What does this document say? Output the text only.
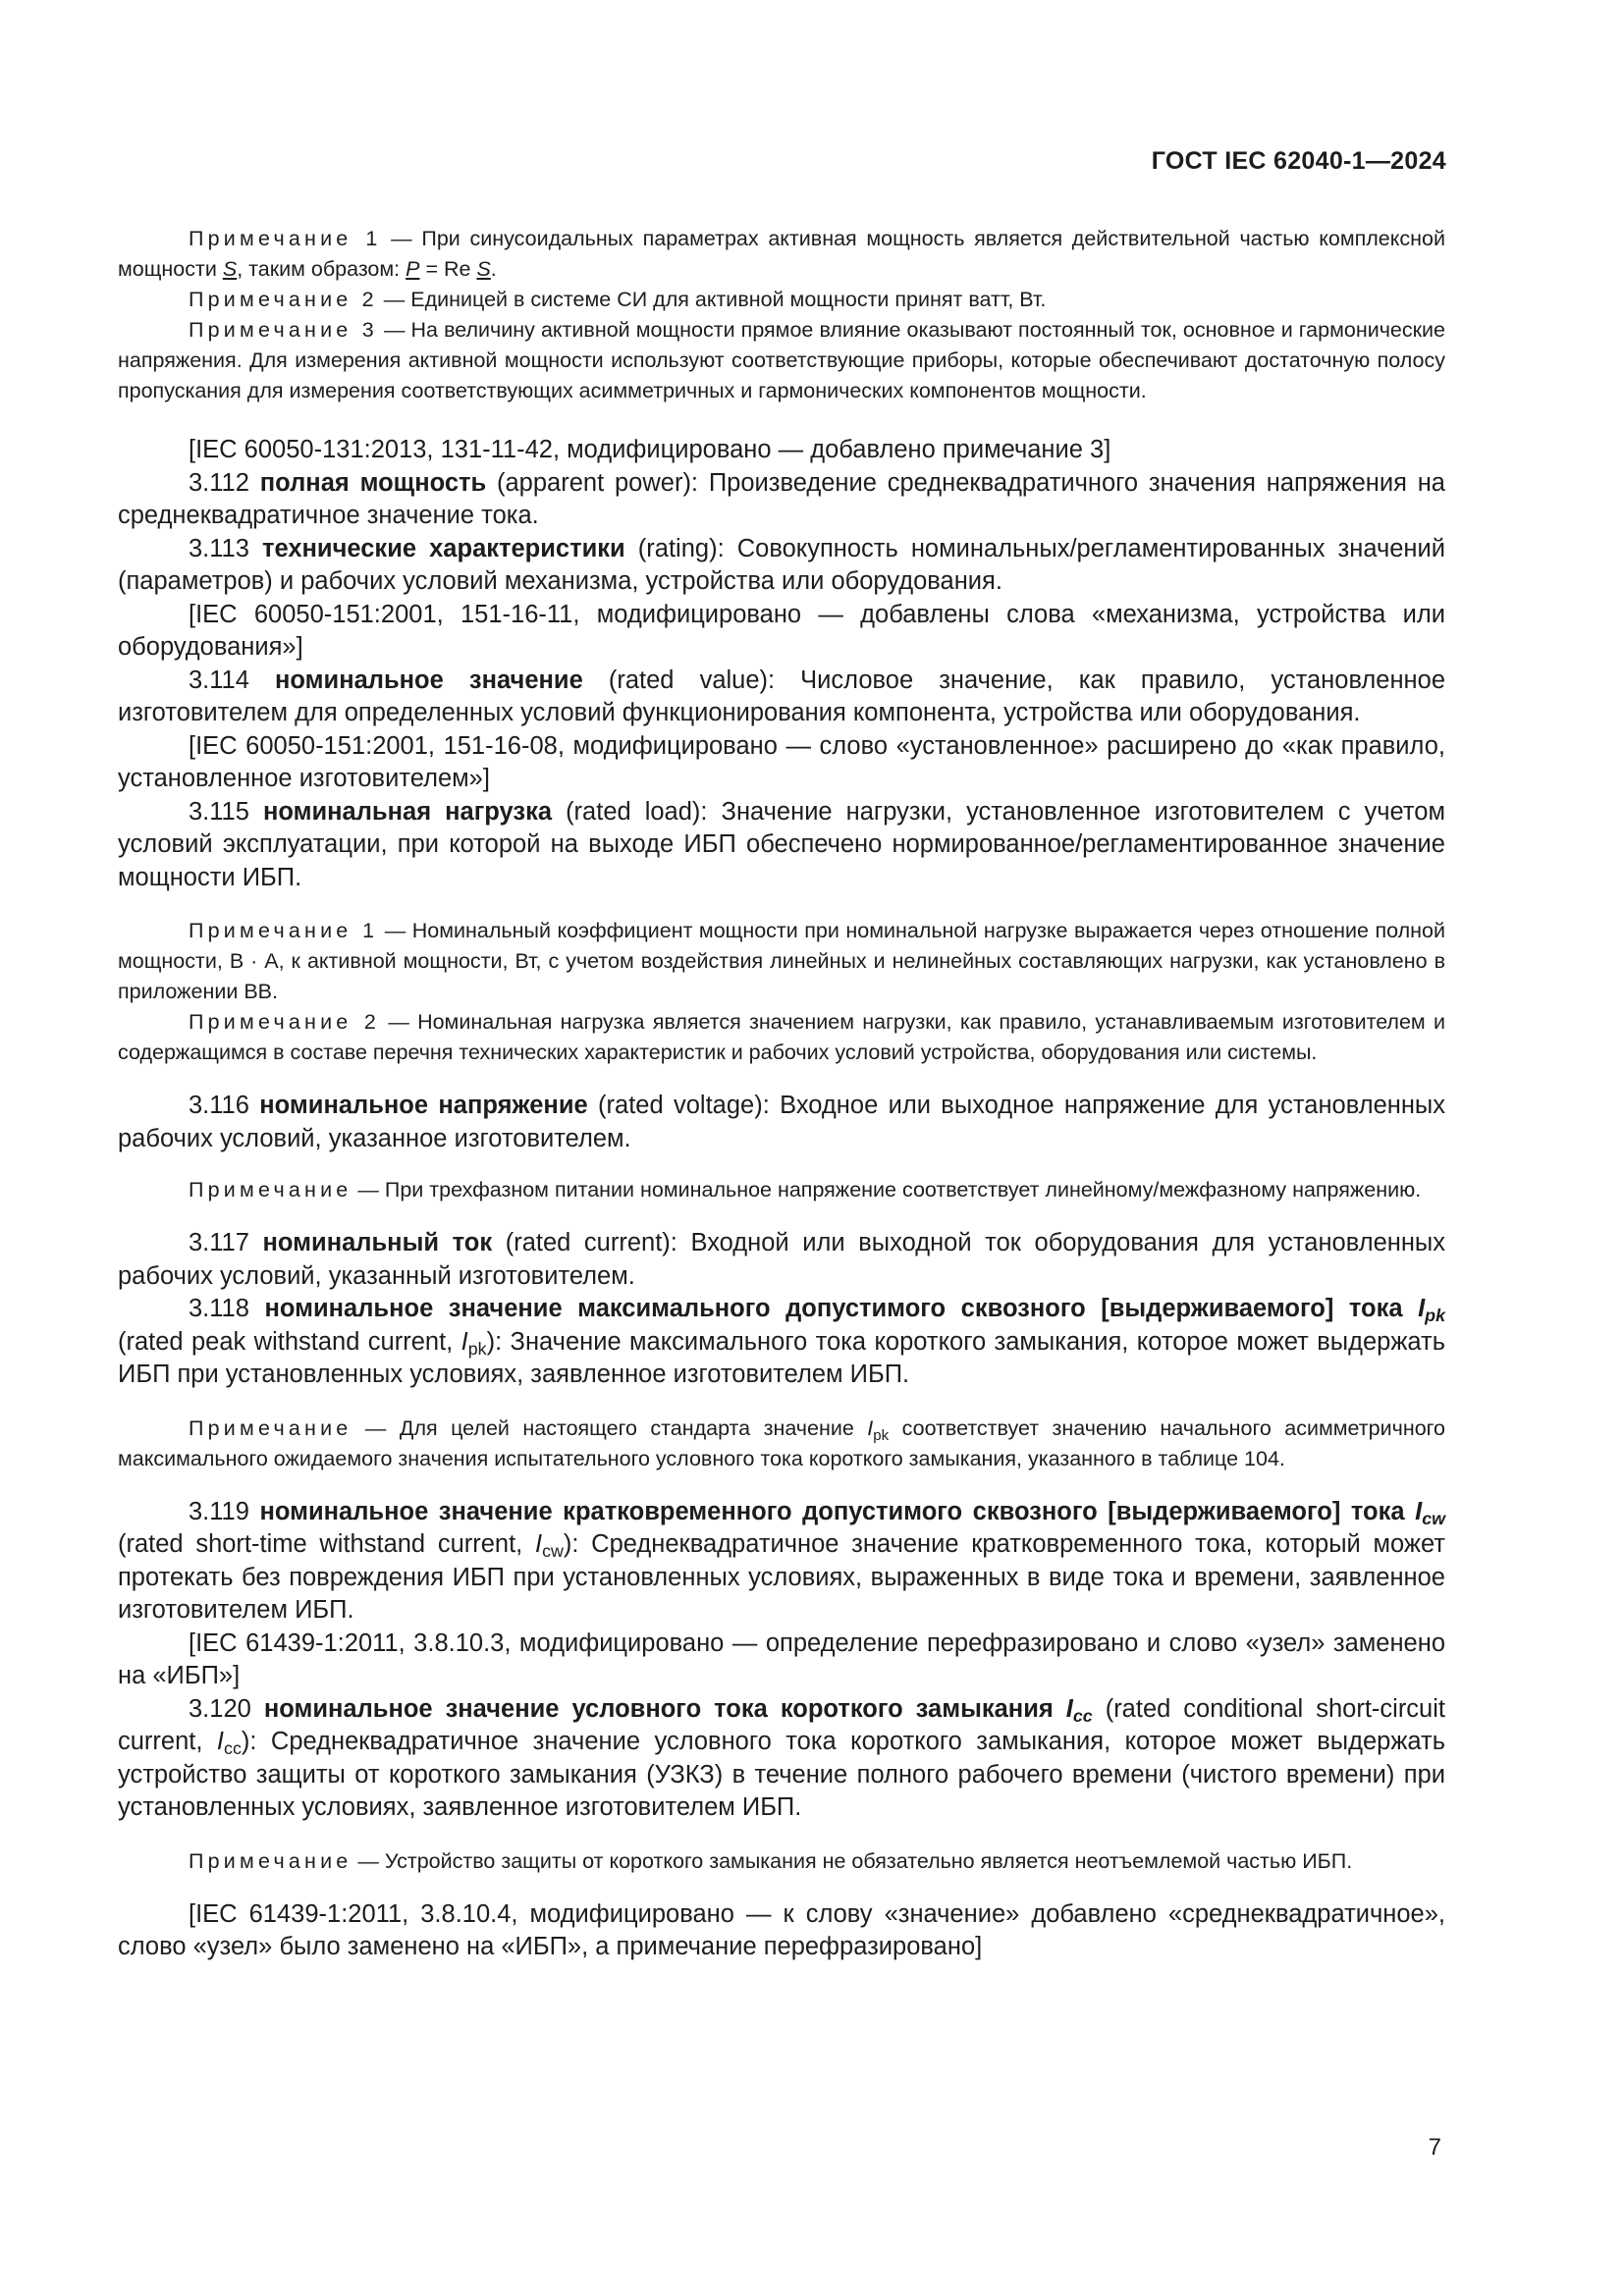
ГОСТ IEC 62040-1—2024

Примечание 1 — При синусоидальных параметрах активная мощность является действительной частью комплексной мощности S, таким образом: P = Re S.

Примечание 2 — Единицей в системе СИ для активной мощности принят ватт, Вт.

Примечание 3 — На величину активной мощности прямое влияние оказывают постоянный ток, основное и гармонические напряжения. Для измерения активной мощности используют соответствующие приборы, которые обеспечивают достаточную полосу пропускания для измерения соответствующих асимметричных и гармонических компонентов мощности.

[IEC 60050-131:2013, 131-11-42, модифицировано — добавлено примечание 3]

3.112 полная мощность (apparent power): Произведение среднеквадратичного значения напряжения на среднеквадратичное значение тока.

3.113 технические характеристики (rating): Совокупность номинальных/регламентированных значений (параметров) и рабочих условий механизма, устройства или оборудования.

[IEC 60050-151:2001, 151-16-11, модифицировано — добавлены слова «механизма, устройства или оборудования»]

3.114 номинальное значение (rated value): Числовое значение, как правило, установленное изготовителем для определенных условий функционирования компонента, устройства или оборудования.

[IEC 60050-151:2001, 151-16-08, модифицировано — слово «установленное» расширено до «как правило, установленное изготовителем»]

3.115 номинальная нагрузка (rated load): Значение нагрузки, установленное изготовителем с учетом условий эксплуатации, при которой на выходе ИБП обеспечено нормированное/регламентированное значение мощности ИБП.

Примечание 1 — Номинальный коэффициент мощности при номинальной нагрузке выражается через отношение полной мощности, В · А, к активной мощности, Вт, с учетом воздействия линейных и нелинейных составляющих нагрузки, как установлено в приложении ВВ.

Примечание 2 — Номинальная нагрузка является значением нагрузки, как правило, устанавливаемым изготовителем и содержащимся в составе перечня технических характеристик и рабочих условий устройства, оборудования или системы.

3.116 номинальное напряжение (rated voltage): Входное или выходное напряжение для установленных рабочих условий, указанное изготовителем.

Примечание — При трехфазном питании номинальное напряжение соответствует линейному/межфазному напряжению.

3.117 номинальный ток (rated current): Входной или выходной ток оборудования для установленных рабочих условий, указанный изготовителем.

3.118 номинальное значение максимального допустимого сквозного [выдерживаемого] тока $I_{pk}$ (rated peak withstand current, $I_{pk}$): Значение максимального тока короткого замыкания, которое может выдержать ИБП при установленных условиях, заявленное изготовителем ИБП.

Примечание — Для целей настоящего стандарта значение $I_{pk}$ соответствует значению начального асимметричного максимального ожидаемого значения испытательного условного тока короткого замыкания, указанного в таблице 104.

3.119 номинальное значение кратковременного допустимого сквозного [выдерживаемого] тока $I_{cw}$ (rated short-time withstand current, $I_{cw}$): Среднеквадратичное значение кратковременного тока, который может протекать без повреждения ИБП при установленных условиях, выраженных в виде тока и времени, заявленное изготовителем ИБП.

[IEC 61439-1:2011, 3.8.10.3, модифицировано — определение перефразировано и слово «узел» заменено на «ИБП»]

3.120 номинальное значение условного тока короткого замыкания $I_{cc}$ (rated conditional short-circuit current, $I_{cc}$): Среднеквадратичное значение условного тока короткого замыкания, которое может выдержать устройство защиты от короткого замыкания (УЗКЗ) в течение полного рабочего времени (чистого времени) при установленных условиях, заявленное изготовителем ИБП.

Примечание — Устройство защиты от короткого замыкания не обязательно является неотъемлемой частью ИБП.

[IEC 61439-1:2011, 3.8.10.4, модифицировано — к слову «значение» добавлено «среднеквадратичное», слово «узел» было заменено на «ИБП», а примечание перефразировано]

7
